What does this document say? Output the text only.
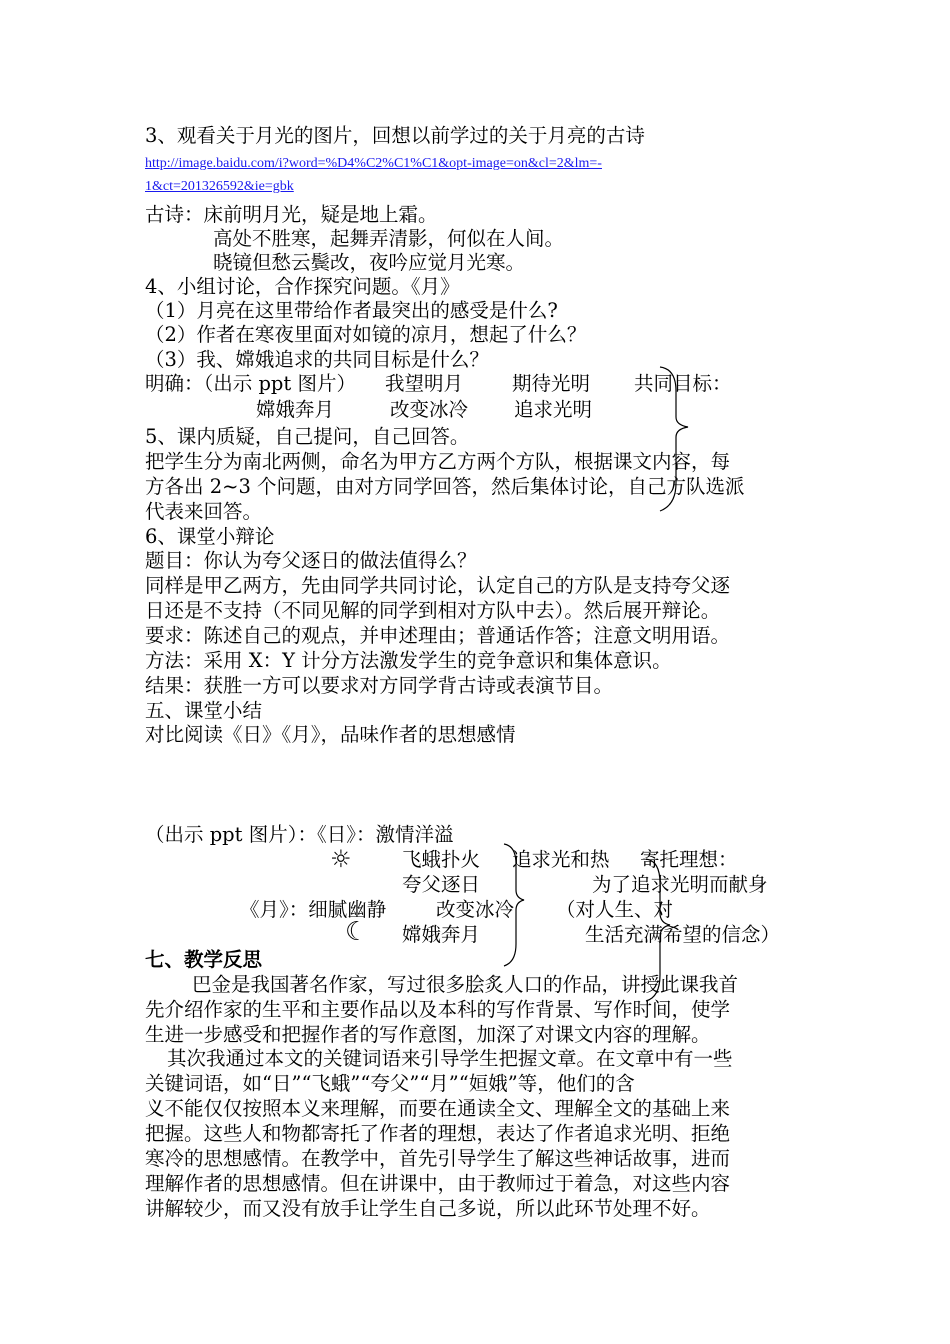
3、观看关于月光的图片，回想以前学过的关于月亮的古诗
http://image.baidu.com/i?word=%D4%C2%C1%C1&opt-image=on&cl=2&lm=-
1&ct=201326592&ie=gbk
古诗：床前明月光，疑是地上霜。
高处不胜寒，起舞弄清影，何似在人间。
晓镜但愁云鬓改，夜吟应觉月光寒。
4、小组讨论，合作探究问题。《月》
（1）月亮在这里带给作者最突出的感受是什么?
（2）作者在寒夜里面对如镜的凉月，想起了什么？
（3）我、嫦娥追求的共同目标是什么？
明确：（出示 ppt 图片） 我望明月	期待光明 共同目标：
嫦娥奔月	改变冰冷 追求光明
5、课内质疑，自己提问，自己回答。
把学生分为南北两侧，命名为甲方乙方两个方队，根据课文内容，每
方各出 2~3 个问题，由对方同学回答，然后集体讨论，自己方队选派
代表来回答。
6、课堂小辩论
题目：你认为夸父逐日的做法值得么？
同样是甲乙两方，先由同学共同讨论，认定自己的方队是支持夸父逐
日还是不支持（不同见解的同学到相对方队中去）。然后展开辩论。
要求：陈述自己的观点，并申述理由；普通话作答；注意文明用语。
方法：采用 X：Y 计分方法激发学生的竞争意识和集体意识。
结果：获胜一方可以要求对方同学背古诗或表演节目。
五、课堂小结
对比阅读《日》《月》，品味作者的思想感情
（出示 ppt 图片）：《日》：激情洋溢
☼	飞蛾扑火 追求光和热 寄托理想：
夸父逐日	为了追求光明而献身
《月》：细腻幽静	改变冰冷 （对人生、对
☾ 嫦娥奔月	生活充满希望的信念）
七、教学反思
巴金是我国著名作家，写过很多脍炙人口的作品，讲授此课我首
先介绍作家的生平和主要作品以及本科的写作背景、写作时间，使学
生进一步感受和把握作者的写作意图，加深了对课文内容的理解。
其次我通过本文的关键词语来引导学生把握文章。在文章中有一些
关键词语，如“日”“飞蛾”“夸父”“月”“姮娥”等，他们的含
义不能仅仅按照本义来理解，而要在通读全文、理解全文的基础上来
把握。这些人和物都寄托了作者的理想，表达了作者追求光明、拒绝
寒冷的思想感情。在教学中，首先引导学生了解这些神话故事，进而
理解作者的思想感情。但在讲课中，由于教师过于着急，对这些内容
讲解较少，而又没有放手让学生自己多说，所以此环节处理不好。
